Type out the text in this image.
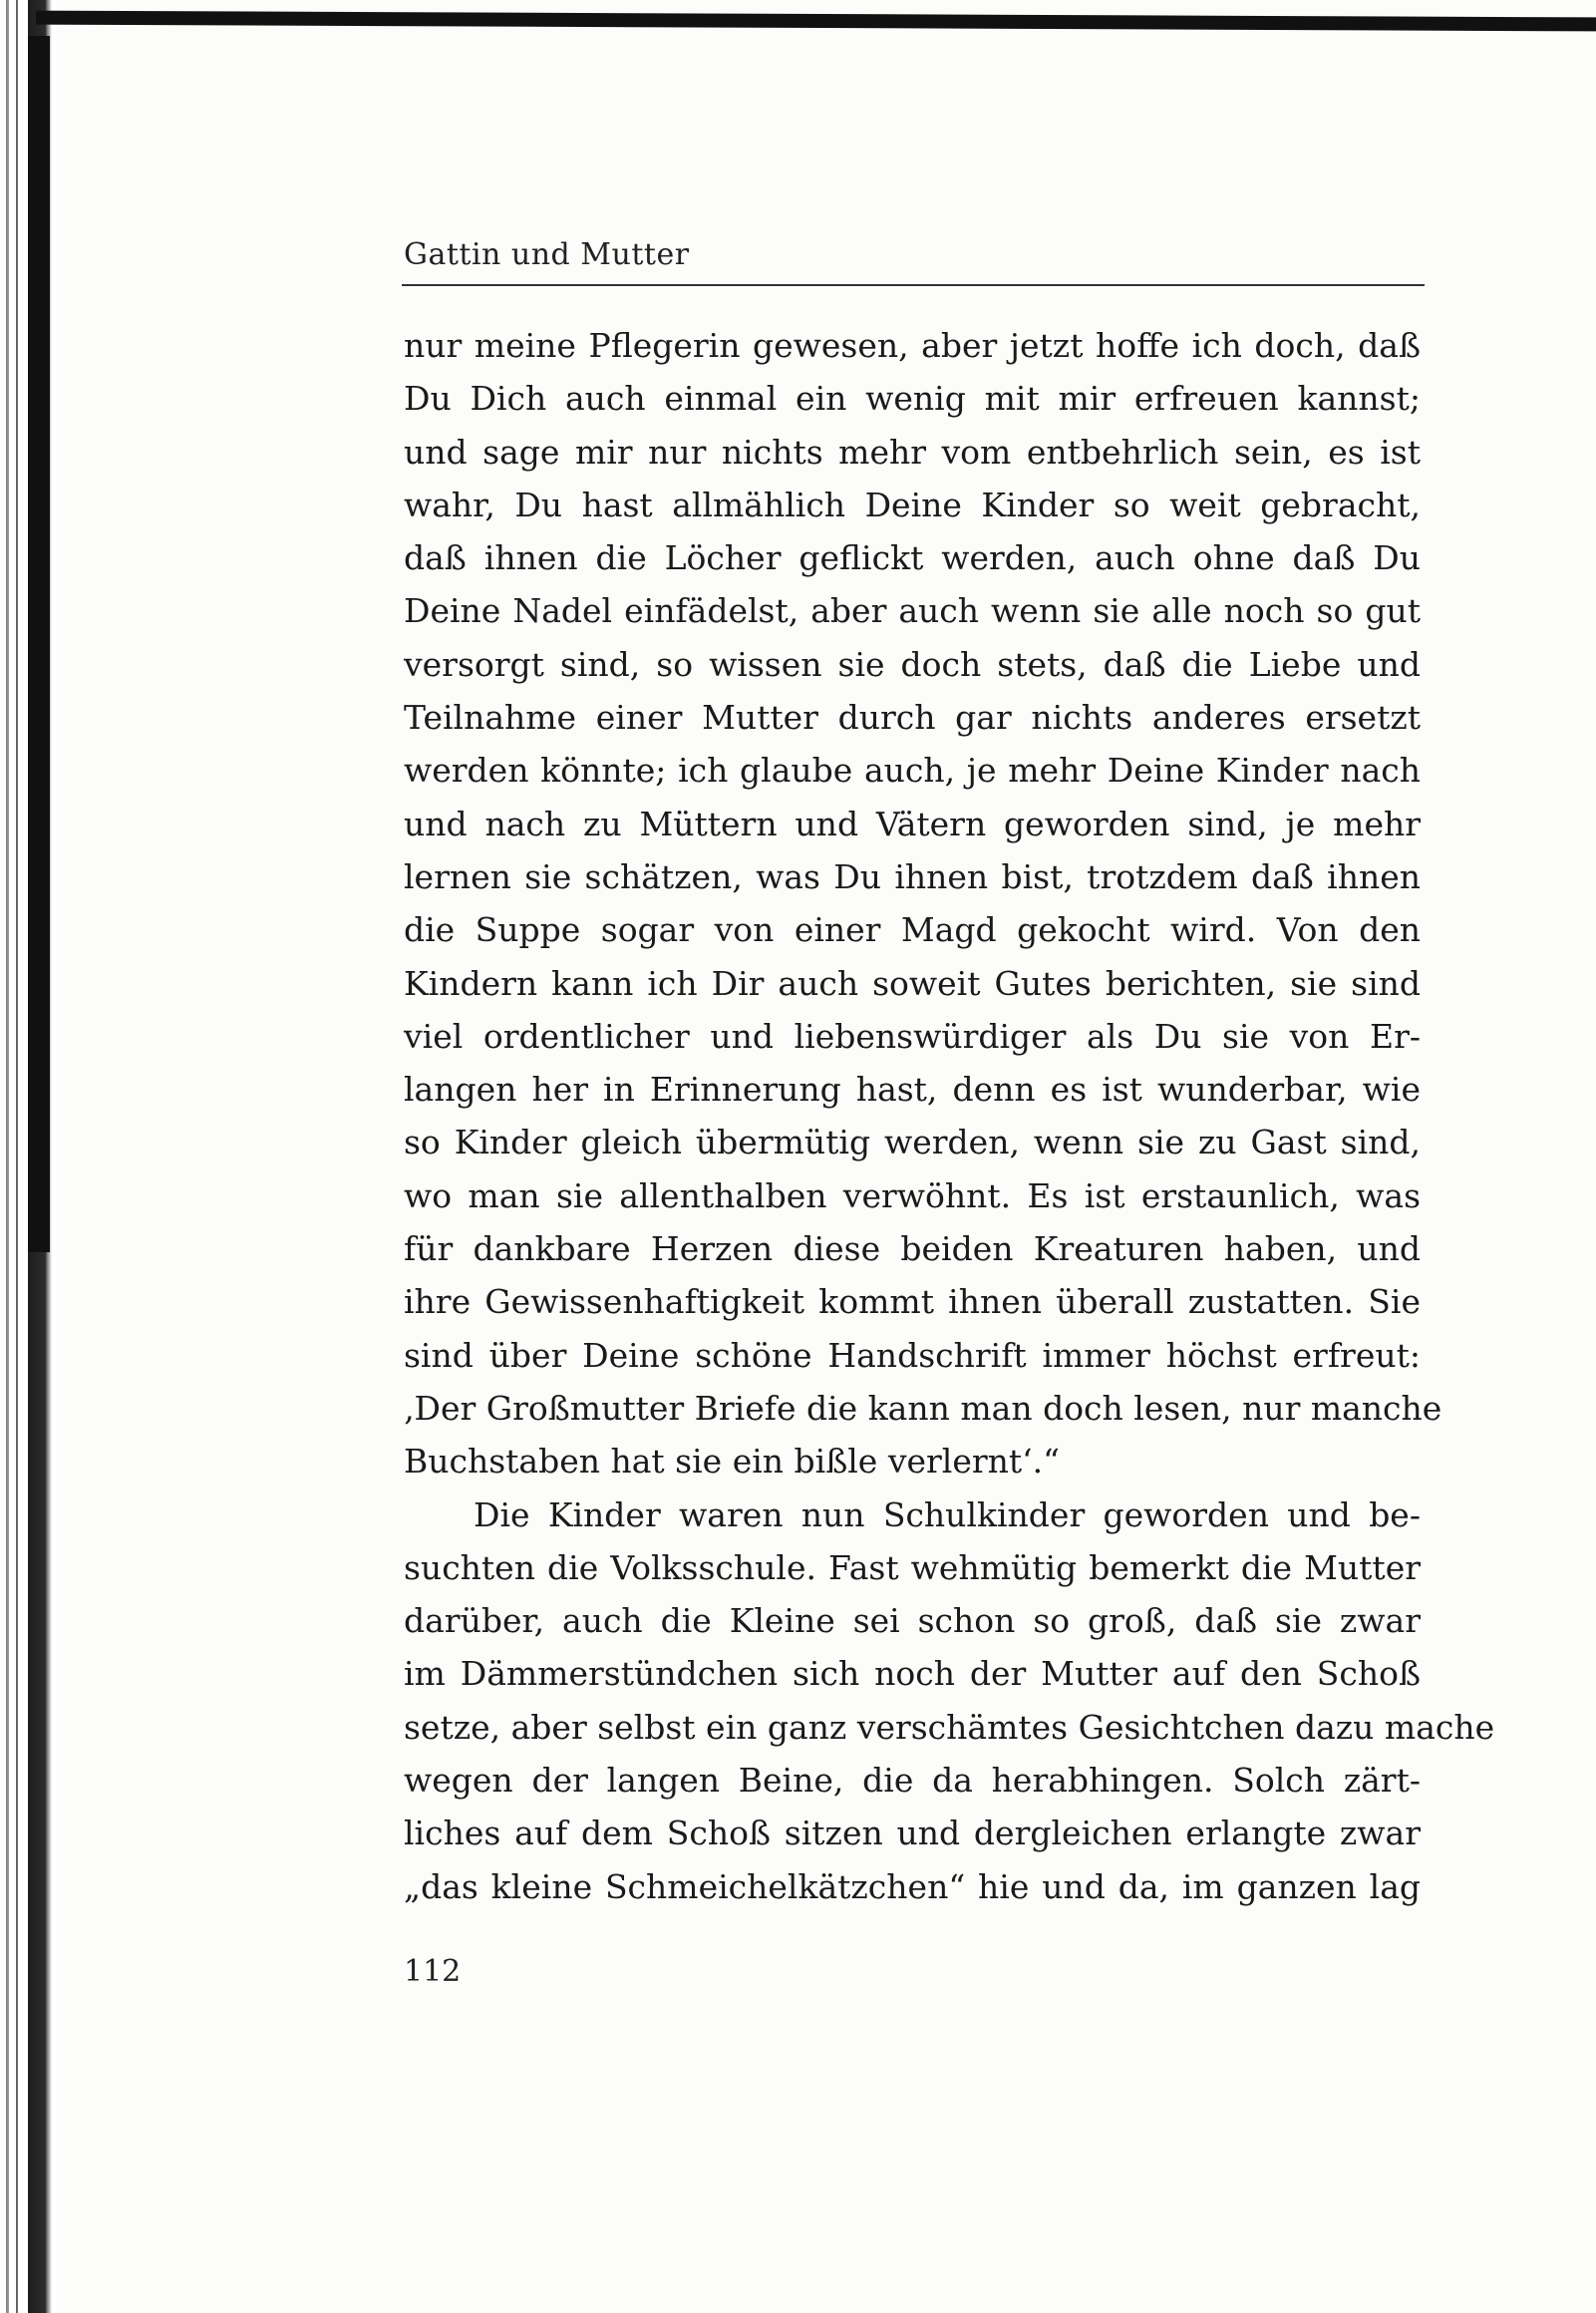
Gattin und Mutter
nur meine Pflegerin gewesen, aber jetzt hoffe ich doch, daß
Du Dich auch einmal ein wenig mit mir erfreuen kannst;
und sage mir nur nichts mehr vom entbehrlich sein, es ist
wahr, Du hast allmählich Deine Kinder so weit gebracht,
daß ihnen die Löcher geflickt werden, auch ohne daß Du
Deine Nadel einfädelst, aber auch wenn sie alle noch so gut
versorgt sind, so wissen sie doch stets, daß die Liebe und
Teilnahme einer Mutter durch gar nichts anderes ersetzt
werden könnte; ich glaube auch, je mehr Deine Kinder nach
und nach zu Müttern und Vätern geworden sind, je mehr
lernen sie schätzen, was Du ihnen bist, trotzdem daß ihnen
die Suppe sogar von einer Magd gekocht wird. Von den
Kindern kann ich Dir auch soweit Gutes berichten, sie sind
viel ordentlicher und liebenswürdiger als Du sie von Er-
langen her in Erinnerung hast, denn es ist wunderbar, wie
so Kinder gleich übermütig werden, wenn sie zu Gast sind,
wo man sie allenthalben verwöhnt. Es ist erstaunlich, was
für dankbare Herzen diese beiden Kreaturen haben, und
ihre Gewissenhaftigkeit kommt ihnen überall zustatten. Sie
sind über Deine schöne Handschrift immer höchst erfreut:
‚Der Großmutter Briefe die kann man doch lesen, nur manche
Buchstaben hat sie ein bißle verlernt‘.“
Die Kinder waren nun Schulkinder geworden und be-
suchten die Volksschule. Fast wehmütig bemerkt die Mutter
darüber, auch die Kleine sei schon so groß, daß sie zwar
im Dämmerstündchen sich noch der Mutter auf den Schoß
setze, aber selbst ein ganz verschämtes Gesichtchen dazu mache
wegen der langen Beine, die da herabhingen. Solch zärt-
liches auf dem Schoß sitzen und dergleichen erlangte zwar
„das kleine Schmeichelkätzchen“ hie und da, im ganzen lag
112
